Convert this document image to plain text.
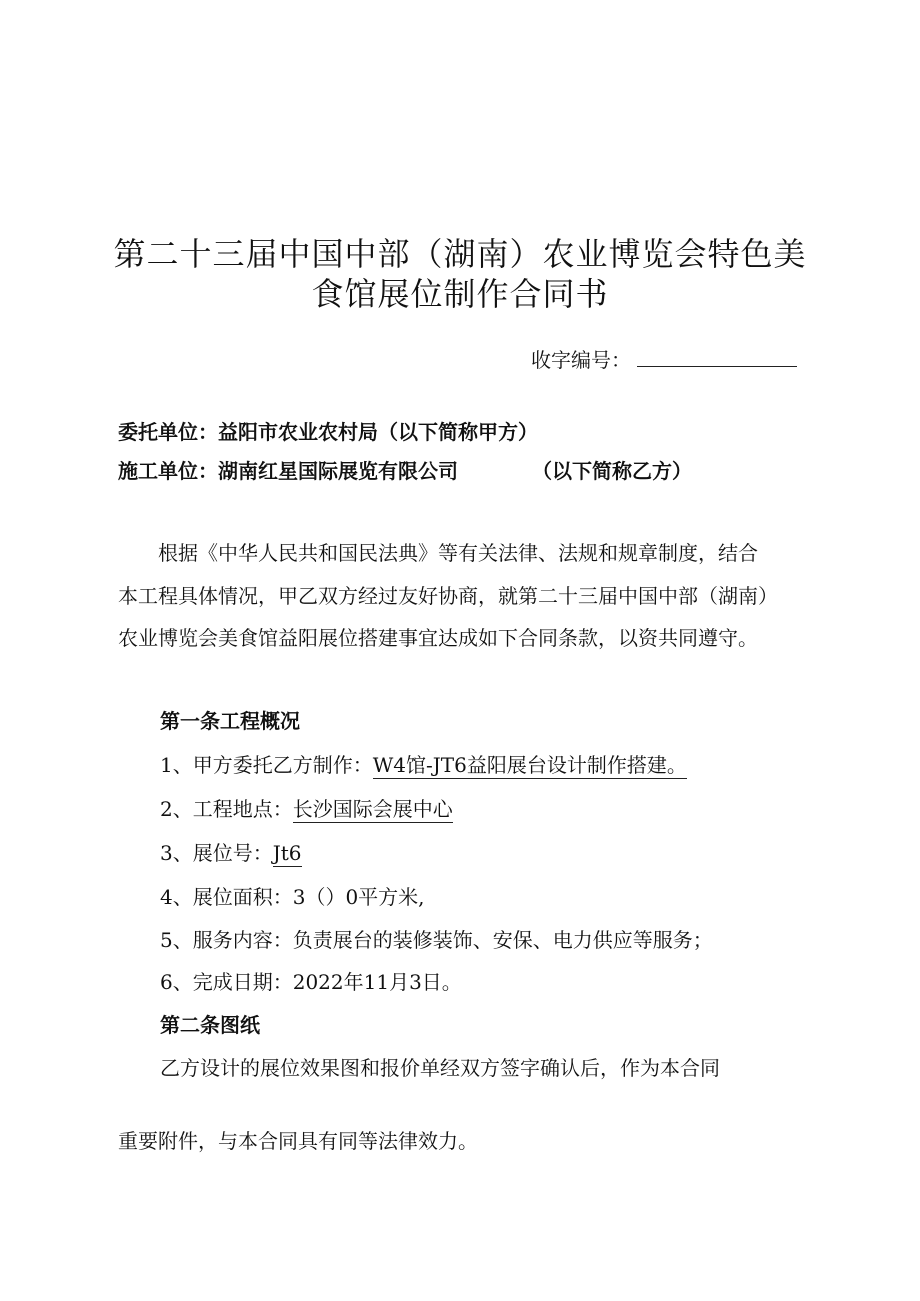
第二十三届中国中部（湖南）农业博览会特色美
食馆展位制作合同书
收字编号：
委托单位：益阳市农业农村局（以下简称甲方）
施工单位：湖南红星国际展览有限公司	（以下简称乙方）
　　根据《中华人民共和国民法典》等有关法律、法规和规章制度，结合
本工程具体情况，甲乙双方经过友好协商，就第二十三届中国中部（湖南）
农业博览会美食馆益阳展位搭建事宜达成如下合同条款，以资共同遵守。
第一条工程概况
1、甲方委托乙方制作：W4馆-JT6益阳展台设计制作搭建。
2、工程地点：长沙国际会展中心
3、展位号：Jt6
4、展位面积：3（）0平方米,
5、服务内容：负责展台的装修装饰、安保、电力供应等服务；
6、完成日期：2022年11月3日。
第二条图纸
乙方设计的展位效果图和报价单经双方签字确认后，作为本合同
重要附件，与本合同具有同等法律效力。
